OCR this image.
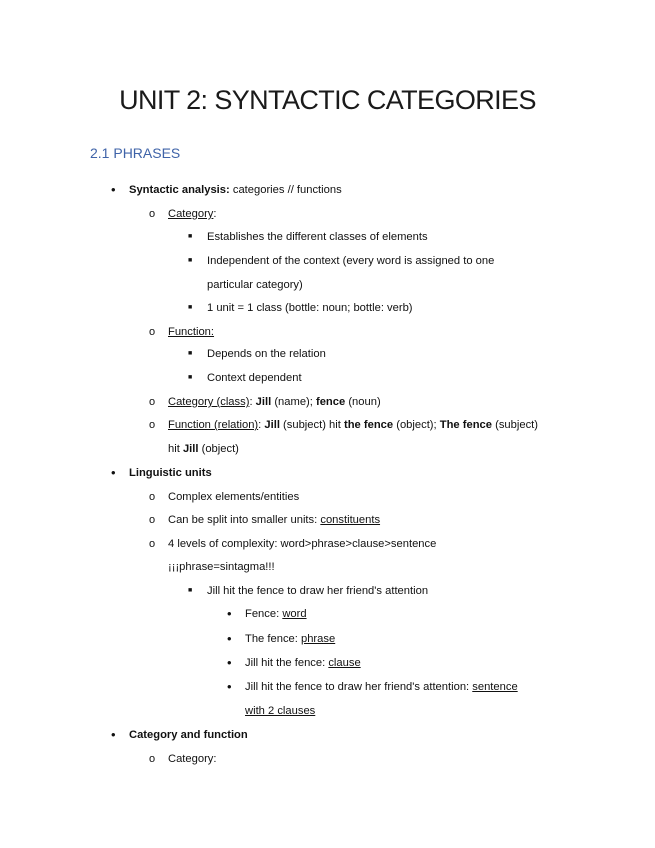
UNIT 2: SYNTACTIC CATEGORIES
2.1 PHRASES
• Syntactic analysis: categories // functions
o Category:
■ Establishes the different classes of elements
■ Independent of the context (every word is assigned to one
particular category)
■ 1 unit = 1 class (bottle: noun; bottle: verb)
o Function:
■ Depends on the relation
■ Context dependent
o Category (class): Jill (name); fence (noun)
o Function (relation): Jill (subject) hit the fence (object); The fence (subject)
hit Jill (object)
• Linguistic units
o Complex elements/entities
o Can be split into smaller units: constituents
o 4 levels of complexity: word>phrase>clause>sentence
¡¡¡phrase=sintagma!!!
■ Jill hit the fence to draw her friend's attention
• Fence: word
• The fence: phrase
• Jill hit the fence: clause
• Jill hit the fence to draw her friend's attention: sentence
with 2 clauses
• Category and function
o Category:
